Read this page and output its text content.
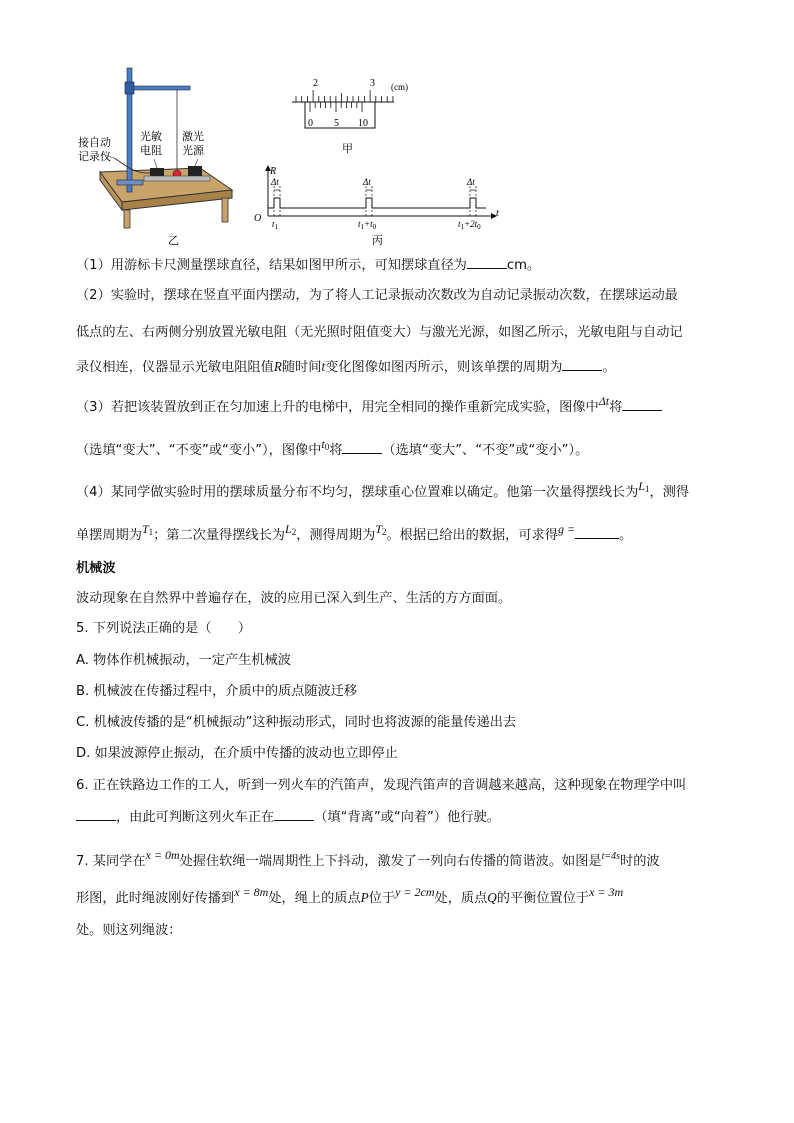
接自动
记录仪
光敏
电阻
激光
光源
乙
2	3 (cm)
0 5 10
甲
R
t
O
Δt	Δt	Δt
$t_1$	$t_1+t_0$	$t_1+2t_0$
丙
（1）用游标卡尺测量摆球直径，结果如图甲所示，可知摆球直径为	cm。
（2）实验时，摆球在竖直平面内摆动，为了将人工记录振动次数改为自动记录振动次数，在摆球运动最
低点的左、右两侧分别放置光敏电阻（无光照时阻值变大）与激光光源，如图乙所示，光敏电阻与自动记
录仪相连，仪器显示光敏电阻阻值R随时间t变化图像如图丙所示，则该单摆的周期为	。
（3）若把该装置放到正在匀加速上升的电梯中，用完全相同的操作重新完成实验，图像中Δt将
（选填“变大”、“不变”或“变小”），图像中$t_0$将	（选填“变大”、“不变”或“变小”）。
（4）某同学做实验时用的摆球质量分布不均匀，摆球重心位置难以确定。他第一次量得摆线长为$L_1$，测得
单摆周期为$T_1$；第二次量得摆线长为$L_2$，测得周期为$T_2$。根据已给出的数据，可求得g =	。
机械波
波动现象在自然界中普遍存在，波的应用已深入到生产、生活的方方面面。
5. 下列说法正确的是（　　）
A. 物体作机械振动，一定产生机械波
B. 机械波在传播过程中，介质中的质点随波迁移
C. 机械波传播的是“机械振动”这种振动形式，同时也将波源的能量传递出去
D. 如果波源停止振动，在介质中传播的波动也立即停止
6. 正在铁路边工作的工人，听到一列火车的汽笛声，发现汽笛声的音调越来越高，这种现象在物理学中叫
，由此可判断这列火车正在	（填“背离”或“向着”）他行驶。
7. 某同学在x = 0m处握住软绳一端周期性上下抖动，激发了一列向右传播的简谐波。如图是$^{t=4s}$时的波
形图，此时绳波刚好传播到x = 8m处，绳上的质点P位于y = 2cm处，质点Q的平衡位置位于x = 3m
处。则这列绳波：
